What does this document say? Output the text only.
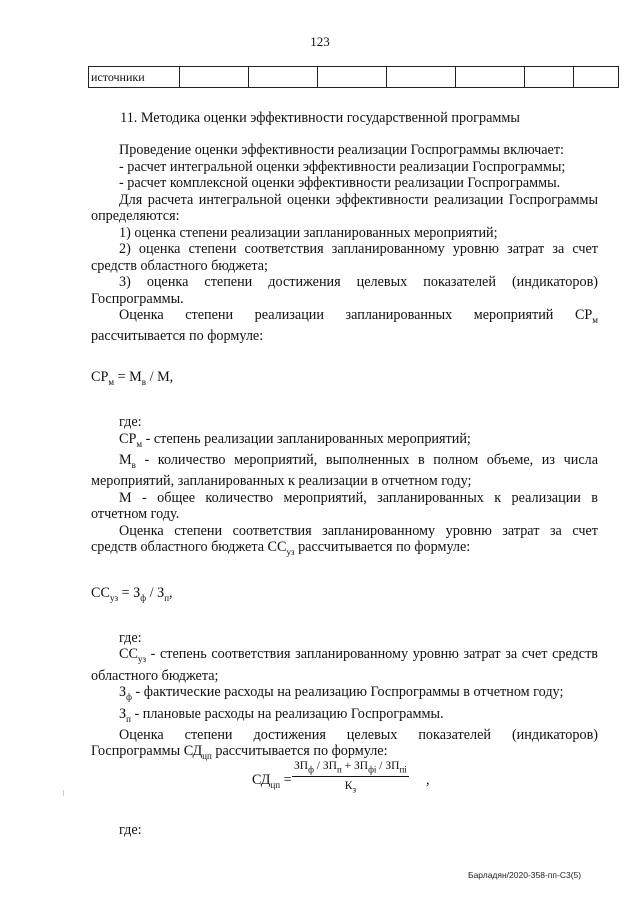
123
источники							
11. Методика оценки эффективности государственной программы

Проведение оценки эффективности реализации Госпрограммы включает:

- расчет интегральной оценки эффективности реализации Госпрограммы;

- расчет комплексной оценки эффективности реализации Госпрограммы.

Для расчета интегральной оценки эффективности реализации Госпрограммы определяются:

1) оценка степени реализации запланированных мероприятий;

2) оценка степени соответствия запланированному уровню затрат за счет средств областного бюджета;

3) оценка степени достижения целевых показателей (индикаторов) Госпрограммы.

Оценка степени реализации запланированных мероприятий $СР_м$ рассчитывается по формуле:

$СР_м = М_в / М$,

где:

$СР_м$ - степень реализации запланированных мероприятий;

$М_в$ - количество мероприятий, выполненных в полном объеме, из числа мероприятий, запланированных к реализации в отчетном году;

М - общее количество мероприятий, запланированных к реализации в отчетном году.

Оценка степени соответствия запланированному уровню затрат за счет средств областного бюджета $СС_{уз}$ рассчитывается по формуле:

$СС_{уз} = З_ф / З_п$,

где:

$СС_{уз}$ - степень соответствия запланированному уровню затрат за счет средств областного бюджета;

$З_ф$ - фактические расходы на реализацию Госпрограммы в отчетном году;

$З_п$ - плановые расходы на реализацию Госпрограммы.

Оценка степени достижения целевых показателей (индикаторов) Госпрограммы $СД_{цп}$ рассчитывается по формуле:

$СД_{цп}$ =
$ЗП_ф / ЗП_п + ЗП_{фi} / ЗП_{пi}$
$К_з$
,
где:
Барладян/2020-358-пп-С3(5)
